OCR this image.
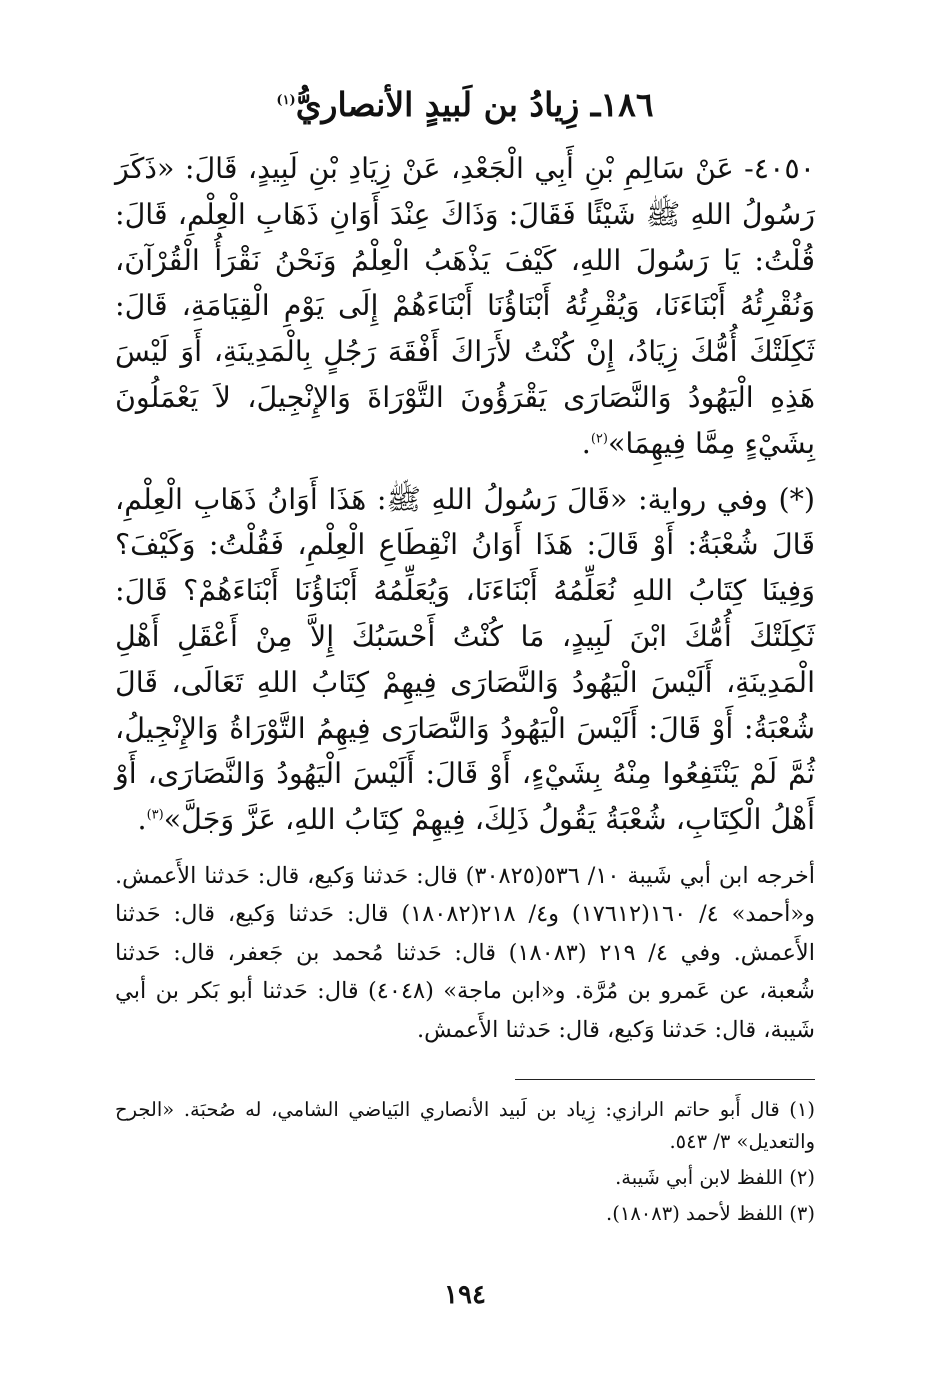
١٨٦ـ زِيادُ بن لَبيدٍ الأنصاريُّ$^{(١)}$

٤٠٥٠- عَنْ سَالِمِ بْنِ أَبِي الْجَعْدِ، عَنْ زِيَادِ بْنِ لَبِيدٍ، قَالَ: «ذَكَرَ رَسُولُ اللهِ ﷺ شَيْئًا فَقَالَ: وَذَاكَ عِنْدَ أَوَانِ ذَهَابِ الْعِلْمِ، قَالَ: قُلْتُ: يَا رَسُولَ اللهِ، كَيْفَ يَذْهَبُ الْعِلْمُ وَنَحْنُ نَقْرَأُ الْقُرْآنَ، وَنُقْرِئُهُ أَبْنَاءَنَا، وَيُقْرِئُهُ أَبْنَاؤُنَا أَبْنَاءَهُمْ إِلَى يَوْمِ الْقِيَامَةِ، قَالَ: ثَكِلَتْكَ أُمُّكَ زِيَادُ، إِنْ كُنْتُ لأَرَاكَ أَفْقَهَ رَجُلٍ بِالْمَدِينَةِ، أَوَ لَيْسَ هَذِهِ الْيَهُودُ وَالنَّصَارَى يَقْرَؤُونَ التَّوْرَاةَ وَالإِنْجِيلَ، لاَ يَعْمَلُونَ بِشَيْءٍ مِمَّا فِيهِمَا»$^{(٢)}$.

(*) وفي رواية: «قَالَ رَسُولُ اللهِ ﷺ: هَذَا أَوَانُ ذَهَابِ الْعِلْمِ، قَالَ شُعْبَةُ: أَوْ قَالَ: هَذَا أَوَانُ انْقِطَاعِ الْعِلْمِ، فَقُلْتُ: وَكَيْفَ؟ وَفِينَا كِتَابُ اللهِ نُعَلِّمُهُ أَبْنَاءَنَا، وَيُعَلِّمُهُ أَبْنَاؤُنَا أَبْنَاءَهُمْ؟ قَالَ: ثَكِلَتْكَ أُمُّكَ ابْنَ لَبِيدٍ، مَا كُنْتُ أَحْسَبُكَ إِلاَّ مِنْ أَعْقَلِ أَهْلِ الْمَدِينَةِ، أَلَيْسَ الْيَهُودُ وَالنَّصَارَى فِيهِمْ كِتَابُ اللهِ تَعَالَى، قَالَ شُعْبَةُ: أَوْ قَالَ: أَلَيْسَ الْيَهُودُ وَالنَّصَارَى فِيهِمُ التَّوْرَاةُ وَالإِنْجِيلُ، ثُمَّ لَمْ يَنْتَفِعُوا مِنْهُ بِشَيْءٍ، أَوْ قَالَ: أَلَيْسَ الْيَهُودُ وَالنَّصَارَى، أَوْ أَهْلُ الْكِتَابِ، شُعْبَةُ يَقُولُ ذَلِكَ، فِيهِمْ كِتَابُ اللهِ، عَزَّ وَجَلَّ»$^{(٣)}$.

أخرجه ابن أبي شَيبة ١٠/ ٥٣٦(٣٠٨٢٥) قال: حَدثنا وَكيع، قال: حَدثنا الأَعمش. و«أحمد» ٤/ ١٦٠(١٧٦١٢) و٤/ ٢١٨(١٨٠٨٢) قال: حَدثنا وَكيع، قال: حَدثنا الأَعمش. وفي ٤/ ٢١٩ (١٨٠٨٣) قال: حَدثنا مُحمد بن جَعفر، قال: حَدثنا شُعبة، عن عَمرو بن مُرَّة. و«ابن ماجة» (٤٠٤٨) قال: حَدثنا أبو بَكر بن أبي شَيبة، قال: حَدثنا وَكيع، قال: حَدثنا الأَعمش.

(١) قال أَبو حاتم الرازي: زِياد بن لَبيد الأنصاري البَياضي الشامي، له صُحبَة. «الجرح والتعديل» ٣/ ٥٤٣.
(٢) اللفظ لابن أبي شَيبة.
(٣) اللفظ لأحمد (١٨٠٨٣).
١٩٤
